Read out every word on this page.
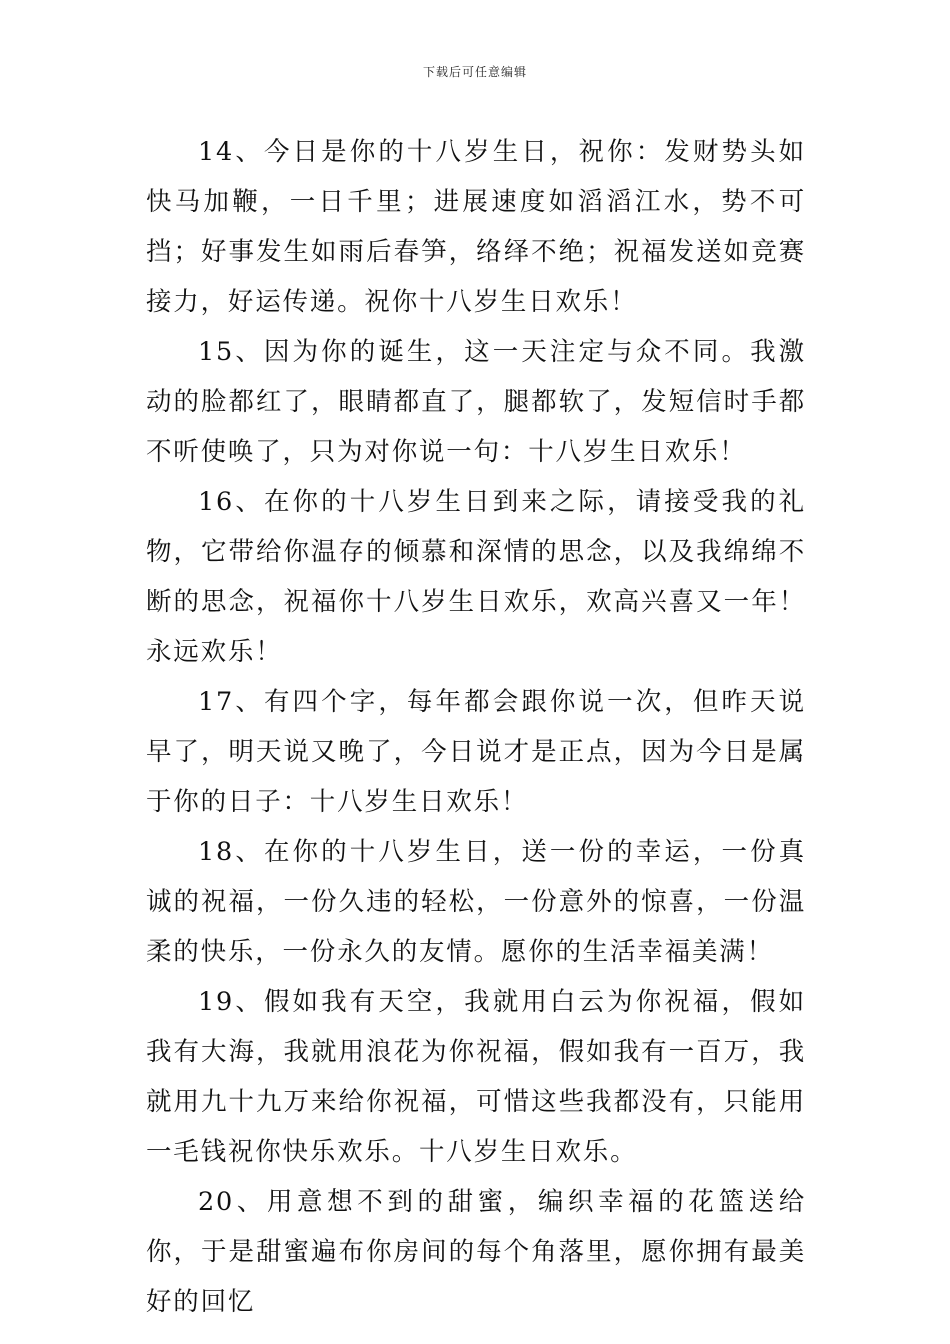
下载后可任意编辑

14、今日是你的十八岁生日，祝你：发财势头如快马加鞭，一日千里；进展速度如滔滔江水，势不可挡；好事发生如雨后春笋，络绎不绝；祝福发送如竞赛接力，好运传递。祝你十八岁生日欢乐！

15、因为你的诞生，这一天注定与众不同。我激动的脸都红了，眼睛都直了，腿都软了，发短信时手都不听使唤了，只为对你说一句：十八岁生日欢乐！

16、在你的十八岁生日到来之际，请接受我的礼物，它带给你温存的倾慕和深情的思念，以及我绵绵不断的思念，祝福你十八岁生日欢乐，欢高兴喜又一年！永远欢乐！

17、有四个字，每年都会跟你说一次，但昨天说早了，明天说又晚了，今日说才是正点，因为今日是属于你的日子：十八岁生日欢乐！

18、在你的十八岁生日，送一份的幸运，一份真诚的祝福，一份久违的轻松，一份意外的惊喜，一份温柔的快乐，一份永久的友情。愿你的生活幸福美满！

19、假如我有天空，我就用白云为你祝福，假如我有大海，我就用浪花为你祝福，假如我有一百万，我就用九十九万来给你祝福，可惜这些我都没有，只能用一毛钱祝你快乐欢乐。十八岁生日欢乐。

20、用意想不到的甜蜜，编织幸福的花篮送给你，于是甜蜜遍布你房间的每个角落里，愿你拥有最美好的回忆
